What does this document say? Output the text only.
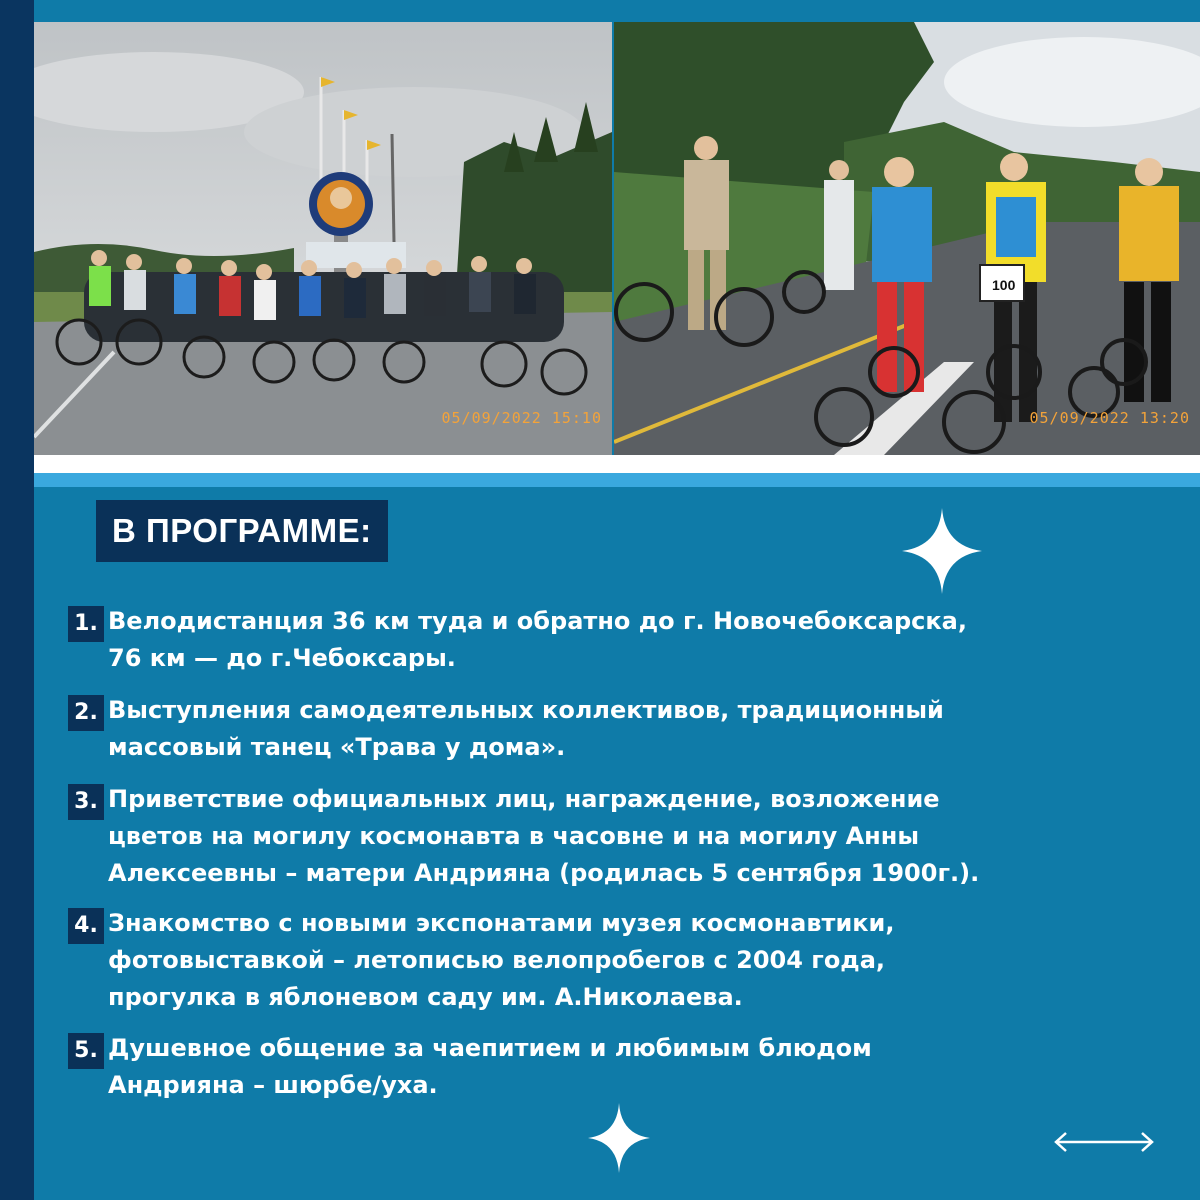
05/09/2022 15:10
100
05/09/2022 13:20
В ПРОГРАММЕ:
1. Велодистанция 36 км туда и обратно до г. Новочебоксарска,
76 км — до г.Чебоксары.
2. Выступления самодеятельных коллективов, традиционный
массовый танец «Трава у дома».
3. Приветствие официальных лиц, награждение, возложение
цветов на могилу космонавта в часовне и на могилу Анны
Алексеевны – матери Андрияна (родилась 5 сентября 1900г.).
4. Знакомство с новыми экспонатами музея космонавтики,
фотовыставкой – летописью велопробегов с 2004 года,
прогулка в яблоневом саду им. А.Николаева.
5. Душевное общение за чаепитием и любимым блюдом
Андрияна – шюрбе/уха.
